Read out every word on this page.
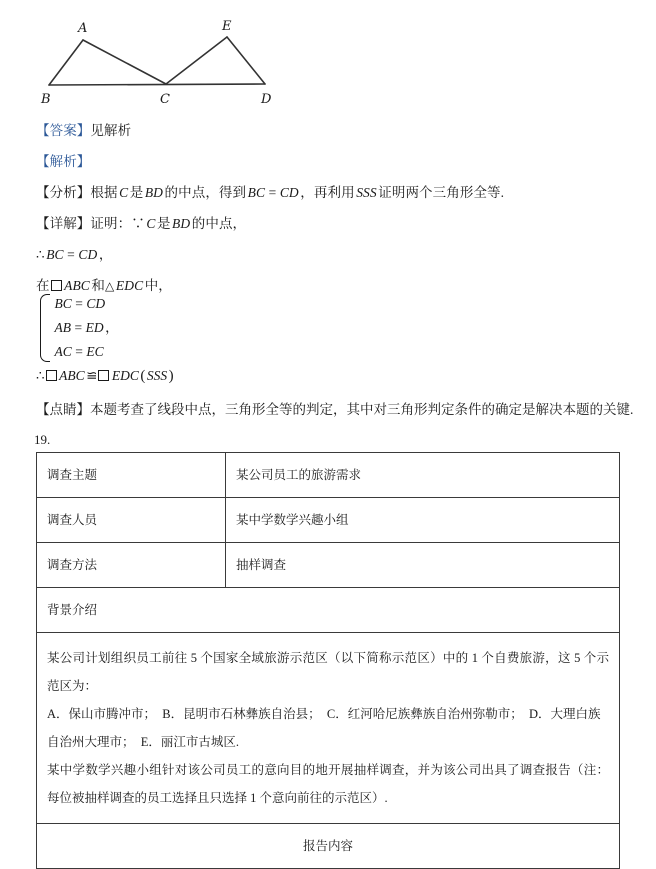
A
B	C	D
E
【答案】见解析
【解析】
【分析】根据 C 是 BD 的中点，得到 BC = CD ，再利用 SSS 证明两个三角形全等.
【详解】证明：∵ C 是 BD 的中点，
∴ BC = CD ，
在 ABC 和△ EDC 中，
BC = CD
AB = ED ，
AC = EC
∴ ABC ≌ EDC ( SSS )
【点睛】本题考查了线段中点，三角形全等的判定，其中对三角形判定条件的确定是解决本题的关键.
19.
调查主题	某公司员工的旅游需求
调查人员	某中学数学兴趣小组
调查方法	抽样调查
背景介绍	

某公司计划组织员工前往 5 个国家全域旅游示范区（以下简称示范区）中的 1 个自费旅游，这 5 个示范区为：

A．保山市腾冲市；　B．昆明市石林彝族自治县；　C．红河哈尼族彝族自治州弥勒市；　D．大理白族

自治州大理市；　E．丽江市古城区.

某中学数学兴趣小组针对该公司员工的意向目的地开展抽样调查，并为该公司出具了调查报告（注：每位被抽样调查的员工选择且只选择 1 个意向前往的示范区）.	

报告内容	
